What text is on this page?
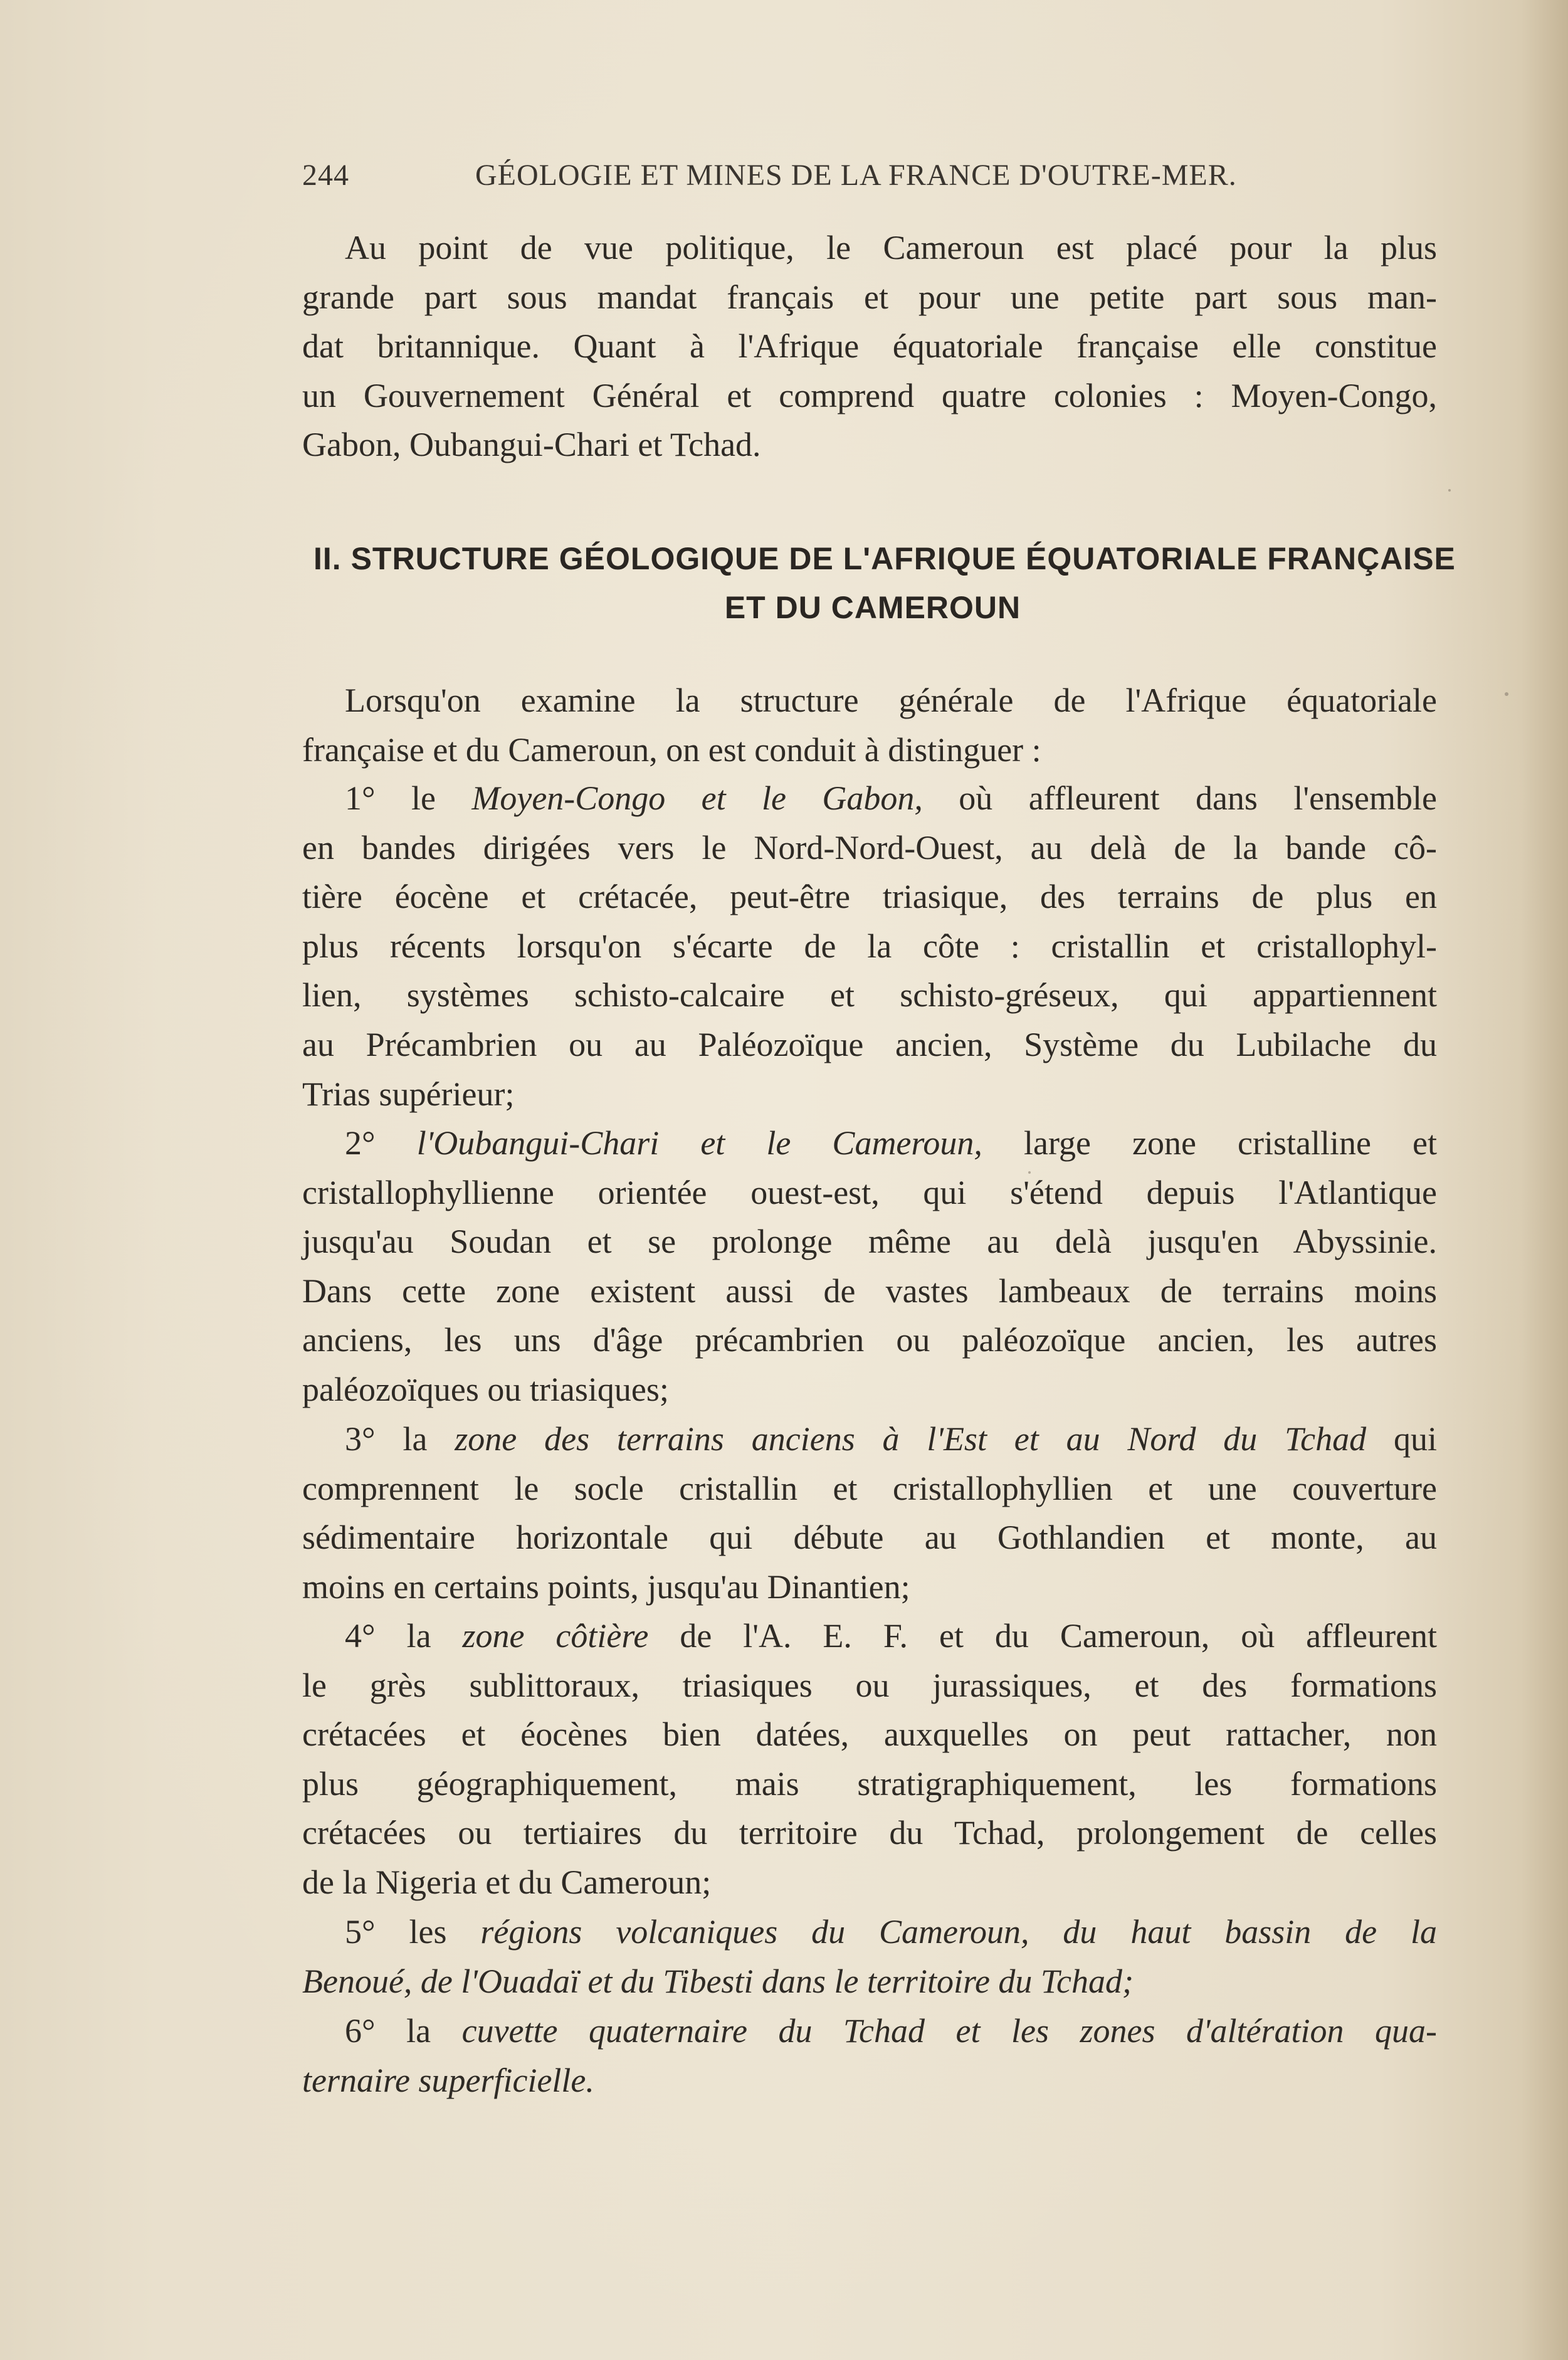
244	GÉOLOGIE ET MINES DE LA FRANCE D'OUTRE-MER.

Au point de vue politique, le Cameroun est placé pour la plus
grande part sous mandat français et pour une petite part sous man-
dat britannique. Quant à l'Afrique équatoriale française elle constitue
un Gouvernement Général et comprend quatre colonies : Moyen-Congo,
Gabon, Oubangui-Chari et Tchad.

II. STRUCTURE GÉOLOGIQUE DE L'AFRIQUE ÉQUATORIALE FRANÇAISE
ET DU CAMEROUN

Lorsqu'on examine la structure générale de l'Afrique équatoriale
française et du Cameroun, on est conduit à distinguer :

1° le Moyen-Congo et le Gabon, où affleurent dans l'ensemble
en bandes dirigées vers le Nord-Nord-Ouest, au delà de la bande cô-
tière éocène et crétacée, peut-être triasique, des terrains de plus en
plus récents lorsqu'on s'écarte de la côte : cristallin et cristallophyl-
lien, systèmes schisto-calcaire et schisto-gréseux, qui appartiennent
au Précambrien ou au Paléozoïque ancien, Système du Lubilache du
Trias supérieur;

2° l'Oubangui-Chari et le Cameroun, large zone cristalline et
cristallophyllienne orientée ouest-est, qui s'étend depuis l'Atlantique
jusqu'au Soudan et se prolonge même au delà jusqu'en Abyssinie.
Dans cette zone existent aussi de vastes lambeaux de terrains moins
anciens, les uns d'âge précambrien ou paléozoïque ancien, les autres
paléozoïques ou triasiques;

3° la zone des terrains anciens à l'Est et au Nord du Tchad qui
comprennent le socle cristallin et cristallophyllien et une couverture
sédimentaire horizontale qui débute au Gothlandien et monte, au
moins en certains points, jusqu'au Dinantien;

4° la zone côtière de l'A. E. F. et du Cameroun, où affleurent
le grès sublittoraux, triasiques ou jurassiques, et des formations
crétacées et éocènes bien datées, auxquelles on peut rattacher, non
plus géographiquement, mais stratigraphiquement, les formations
crétacées ou tertiaires du territoire du Tchad, prolongement de celles
de la Nigeria et du Cameroun;

5° les régions volcaniques du Cameroun, du haut bassin de la
Benoué, de l'Ouadaï et du Tibesti dans le territoire du Tchad;

6° la cuvette quaternaire du Tchad et les zones d'altération qua-
ternaire superficielle.
